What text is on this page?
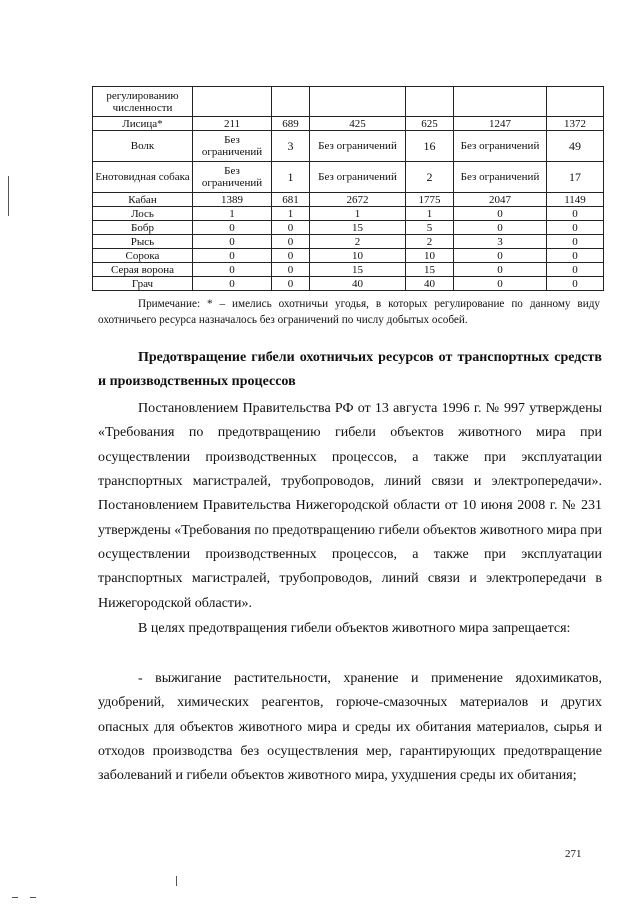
регулированию численности						
Лисица*	211	689	425	625	1247	1372
Волк	Без ограничений	3	Без ограничений	16	Без ограничений	49
Енотовидная собака	Без ограничений	1	Без ограничений	2	Без ограничений	17
Кабан	1389	681	2672	1775	2047	1149
Лось	1	1	1	1	0	0
Бобр	0	0	15	5	0	0
Рысь	0	0	2	2	3	0
Сорока	0	0	10	10	0	0
Серая ворона	0	0	15	15	0	0
Грач	0	0	40	40	0	0
Примечание: * – имелись охотничьи угодья, в которых регулирование по данному виду охотничьего ресурса назначалось без ограничений по числу добытых особей.
Предотвращение гибели охотничьих ресурсов от транспортных средств и производственных процессов

Постановлением Правительства РФ от 13 августа 1996 г. № 997 утверждены «Требования по предотвращению гибели объектов животного мира при осуществлении производственных процессов, а также при эксплуатации транспортных магистралей, трубопроводов, линий связи и электропередачи». Постановлением Правительства Нижегородской области от 10 июня 2008 г. № 231 утверждены «Требования по предотвращению гибели объектов животного мира при осуществлении производственных процессов, а также при эксплуатации транспортных магистралей, трубопроводов, линий связи и электропередачи в Нижегородской области».

В целях предотвращения гибели объектов животного мира запрещается:

- выжигание растительности, хранение и применение ядохимикатов, удобрений, химических реагентов, горюче-смазочных материалов и других опасных для объектов животного мира и среды их обитания материалов, сырья и отходов производства без осуществления мер, гарантирующих предотвращение заболеваний и гибели объектов животного мира, ухудшения среды их обитания;

271
